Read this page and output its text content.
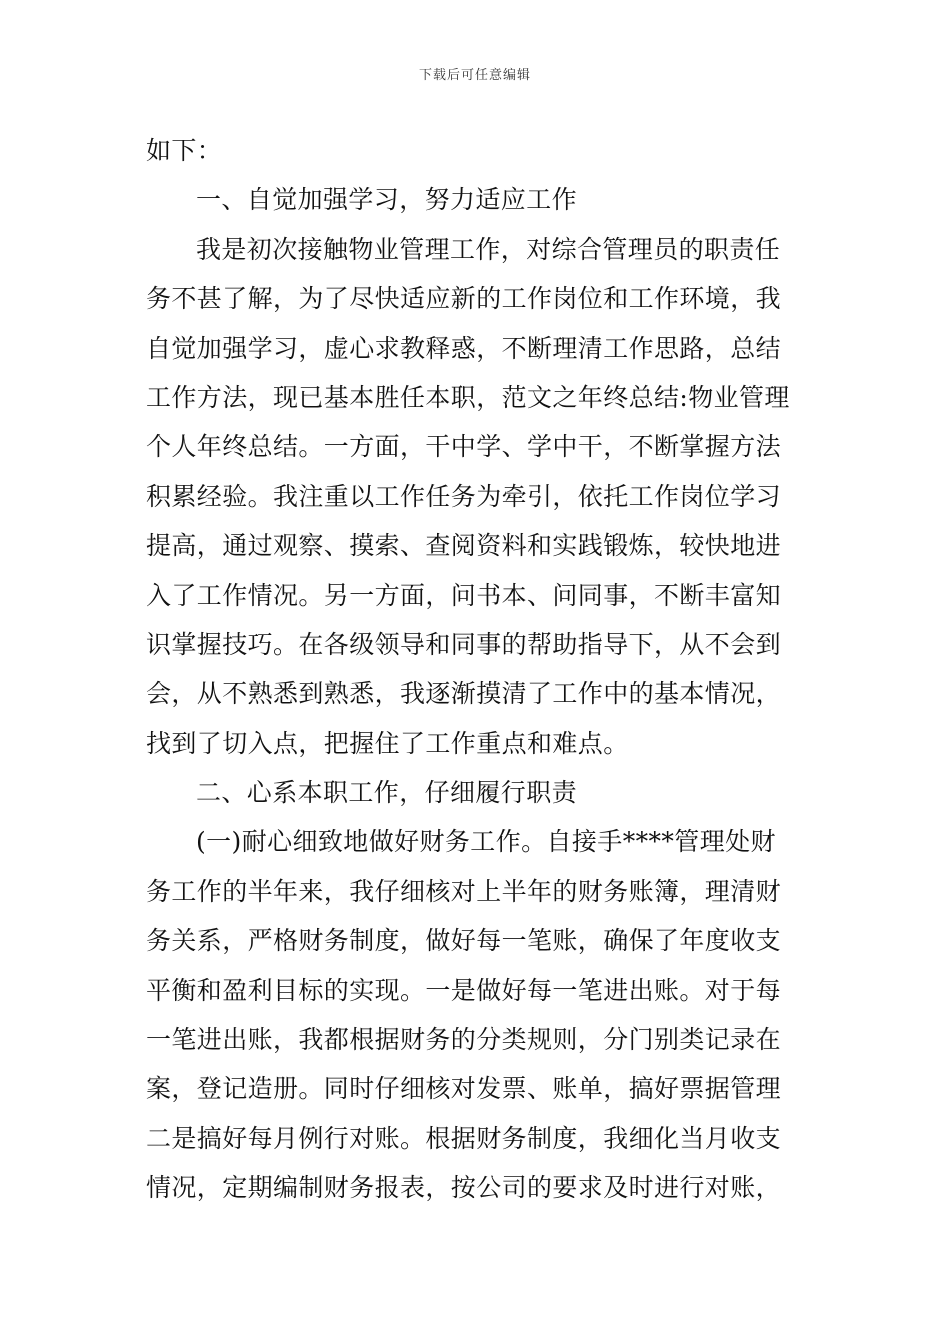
下载后可任意编辑
如下：
一、自觉加强学习，努力适应工作
我是初次接触物业管理工作，对综合管理员的职责任
务不甚了解，为了尽快适应新的工作岗位和工作环境，我
自觉加强学习，虚心求教释惑，不断理清工作思路，总结
工作方法，现已基本胜任本职，范文之年终总结:物业管理
个人年终总结。一方面，干中学、学中干，不断掌握方法
积累经验。我注重以工作任务为牵引，依托工作岗位学习
提高，通过观察、摸索、查阅资料和实践锻炼，较快地进
入了工作情况。另一方面，问书本、问同事，不断丰富知
识掌握技巧。在各级领导和同事的帮助指导下，从不会到
会，从不熟悉到熟悉，我逐渐摸清了工作中的基本情况，
找到了切入点，把握住了工作重点和难点。
二、心系本职工作，仔细履行职责
(一)耐心细致地做好财务工作。自接手****管理处财
务工作的半年来，我仔细核对上半年的财务账簿，理清财
务关系，严格财务制度，做好每一笔账，确保了年度收支
平衡和盈利目标的实现。一是做好每一笔进出账。对于每
一笔进出账，我都根据财务的分类规则，分门别类记录在
案，登记造册。同时仔细核对发票、账单，搞好票据管理
二是搞好每月例行对账。根据财务制度，我细化当月收支
情况，定期编制财务报表，按公司的要求及时进行对账，
